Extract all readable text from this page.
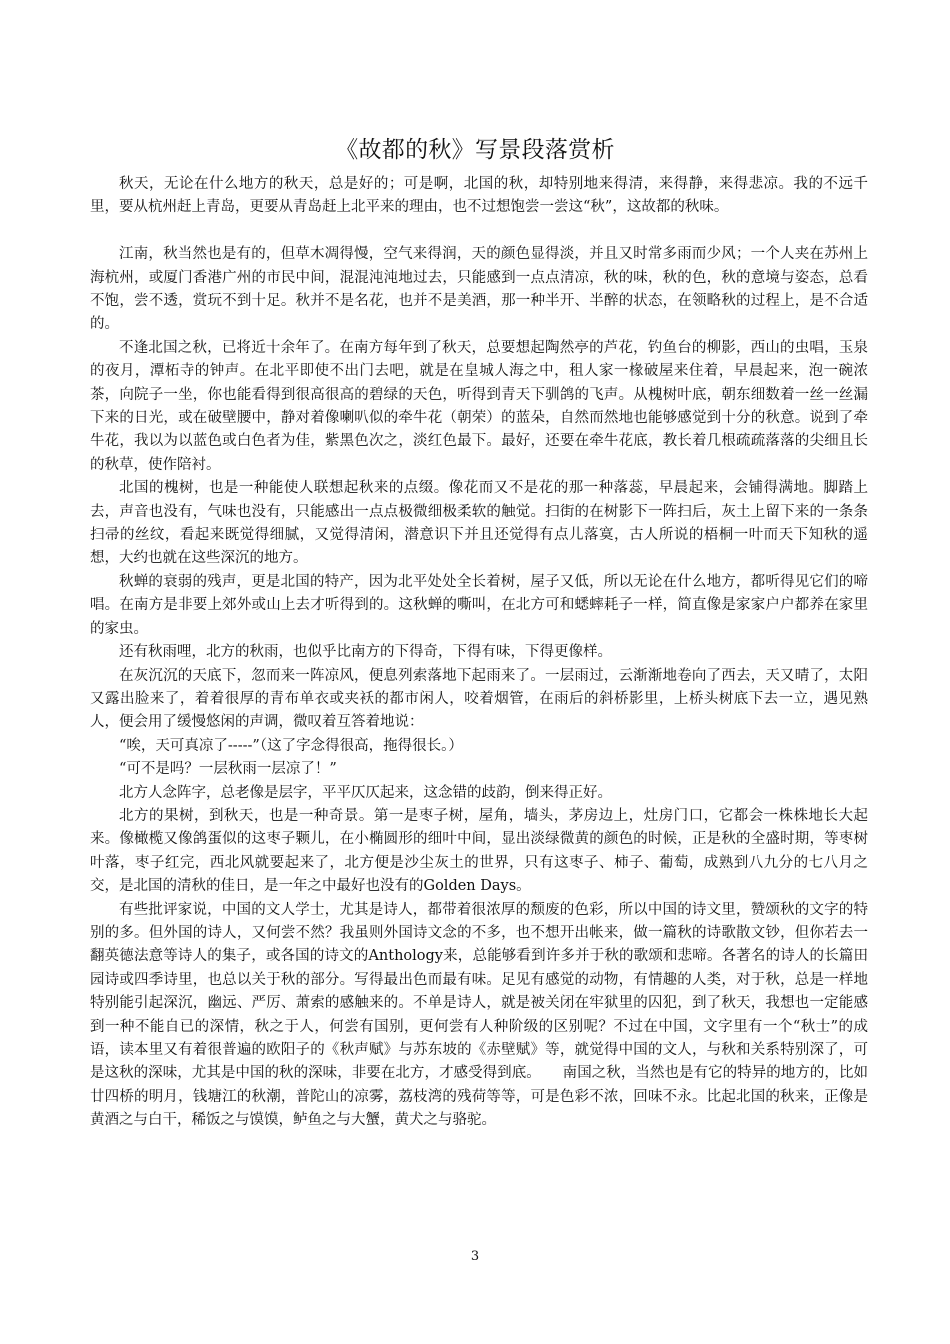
《故都的秋》写景段落赏析

秋天，无论在什么地方的秋天，总是好的；可是啊，北国的秋，却特别地来得清，来得静，来得悲凉。我的不远千里，要从杭州赶上青岛，更要从青岛赶上北平来的理由，也不过想饱尝一尝这“秋”，这故都的秋味。

江南，秋当然也是有的，但草木凋得慢，空气来得润，天的颜色显得淡，并且又时常多雨而少风；一个人夹在苏州上海杭州，或厦门香港广州的市民中间，混混沌沌地过去，只能感到一点点清凉，秋的味，秋的色，秋的意境与姿态，总看不饱，尝不透，赏玩不到十足。秋并不是名花，也并不是美酒，那一种半开、半醉的状态，在领略秋的过程上，是不合适的。

不逢北国之秋，已将近十余年了。在南方每年到了秋天，总要想起陶然亭的芦花，钓鱼台的柳影，西山的虫唱，玉泉的夜月，潭柘寺的钟声。在北平即使不出门去吧，就是在皇城人海之中，租人家一椽破屋来住着，早晨起来，泡一碗浓茶，向院子一坐，你也能看得到很高很高的碧绿的天色，听得到青天下驯鸽的飞声。从槐树叶底，朝东细数着一丝一丝漏下来的日光，或在破壁腰中，静对着像喇叭似的牵牛花（朝荣）的蓝朵，自然而然地也能够感觉到十分的秋意。说到了牵牛花，我以为以蓝色或白色者为佳，紫黑色次之，淡红色最下。最好，还要在牵牛花底，教长着几根疏疏落落的尖细且长的秋草，使作陪衬。

北国的槐树，也是一种能使人联想起秋来的点缀。像花而又不是花的那一种落蕊，早晨起来，会铺得满地。脚踏上去，声音也没有，气味也没有，只能感出一点点极微细极柔软的触觉。扫街的在树影下一阵扫后，灰土上留下来的一条条扫帚的丝纹，看起来既觉得细腻，又觉得清闲，潜意识下并且还觉得有点儿落寞，古人所说的梧桐一叶而天下知秋的遥想，大约也就在这些深沉的地方。

秋蝉的衰弱的残声，更是北国的特产，因为北平处处全长着树，屋子又低，所以无论在什么地方，都听得见它们的啼唱。在南方是非要上郊外或山上去才听得到的。这秋蝉的嘶叫，在北方可和蟋蟀耗子一样，简直像是家家户户都养在家里的家虫。

还有秋雨哩，北方的秋雨，也似乎比南方的下得奇，下得有味，下得更像样。

在灰沉沉的天底下，忽而来一阵凉风，便息列索落地下起雨来了。一层雨过，云渐渐地卷向了西去，天又晴了，太阳又露出脸来了，着着很厚的青布单衣或夹袄的都市闲人，咬着烟管，在雨后的斜桥影里，上桥头树底下去一立，遇见熟人，便会用了缓慢悠闲的声调，微叹着互答着地说：

“唉，天可真凉了-----”（这了字念得很高，拖得很长。）

“可不是吗？一层秋雨一层凉了！”

北方人念阵字，总老像是层字，平平仄仄起来，这念错的歧韵，倒来得正好。

北方的果树，到秋天，也是一种奇景。第一是枣子树，屋角，墙头，茅房边上，灶房门口，它都会一株株地长大起来。像橄榄又像鸽蛋似的这枣子颗儿，在小椭圆形的细叶中间，显出淡绿微黄的颜色的时候，正是秋的全盛时期，等枣树叶落，枣子红完，西北风就要起来了，北方便是沙尘灰土的世界，只有这枣子、柿子、葡萄，成熟到八九分的七八月之交，是北国的清秋的佳日，是一年之中最好也没有的Golden Days。

有些批评家说，中国的文人学士，尤其是诗人，都带着很浓厚的颓废的色彩，所以中国的诗文里，赞颂秋的文字的特别的多。但外国的诗人，又何尝不然？我虽则外国诗文念的不多，也不想开出帐来，做一篇秋的诗歌散文钞，但你若去一翻英德法意等诗人的集子，或各国的诗文的Anthology来，总能够看到许多并于秋的歌颂和悲啼。各著名的诗人的长篇田园诗或四季诗里，也总以关于秋的部分。写得最出色而最有味。足见有感觉的动物，有情趣的人类，对于秋，总是一样地特别能引起深沉，幽远、严厉、萧索的感触来的。不单是诗人，就是被关闭在牢狱里的囚犯，到了秋天，我想也一定能感到一种不能自已的深情，秋之于人，何尝有国别，更何尝有人种阶级的区别呢？不过在中国，文字里有一个“秋士”的成语，读本里又有着很普遍的欧阳子的《秋声赋》与苏东坡的《赤壁赋》等，就觉得中国的文人，与秋和关系特别深了，可是这秋的深味，尤其是中国的秋的深味，非要在北方，才感受得到底。　　南国之秋，当然也是有它的特异的地方的，比如廿四桥的明月，钱塘江的秋潮，普陀山的凉雾，荔枝湾的残荷等等，可是色彩不浓，回味不永。比起北国的秋来，正像是黄酒之与白干，稀饭之与馍馍，鲈鱼之与大蟹，黄犬之与骆驼。

3
